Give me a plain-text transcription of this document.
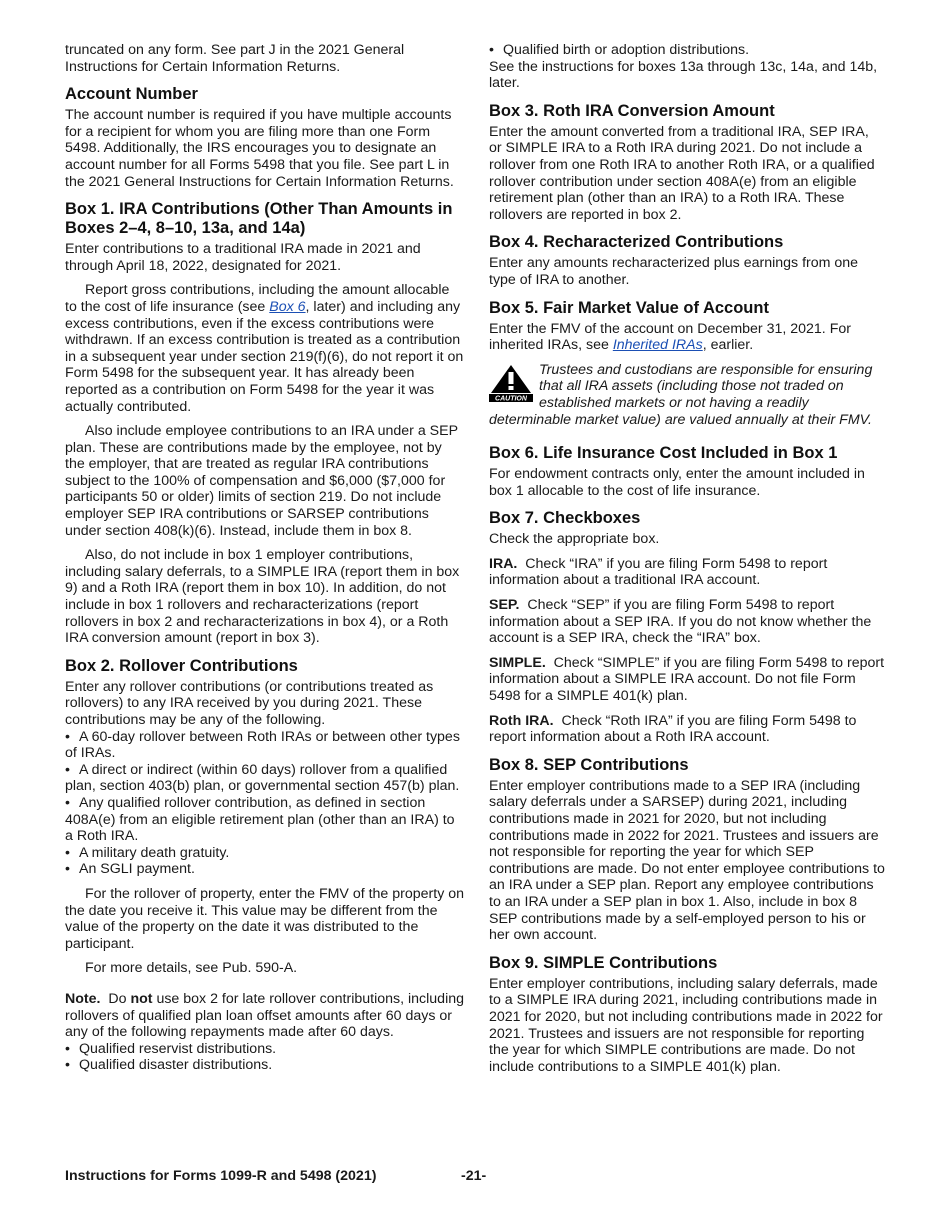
truncated on any form. See part J in the 2021 General Instructions for Certain Information Returns.

Account Number

The account number is required if you have multiple accounts for a recipient for whom you are filing more than one Form 5498. Additionally, the IRS encourages you to designate an account number for all Forms 5498 that you file. See part L in the 2021 General Instructions for Certain Information Returns.

Box 1. IRA Contributions (Other Than Amounts in Boxes 2–4, 8–10, 13a, and 14a)

Enter contributions to a traditional IRA made in 2021 and through April 18, 2022, designated for 2021.

Report gross contributions, including the amount allocable to the cost of life insurance (see Box 6, later) and including any excess contributions, even if the excess contributions were withdrawn. If an excess contribution is treated as a contribution in a subsequent year under section 219(f)(6), do not report it on Form 5498 for the subsequent year. It has already been reported as a contribution on Form 5498 for the year it was actually contributed.

Also include employee contributions to an IRA under a SEP plan. These are contributions made by the employee, not by the employer, that are treated as regular IRA contributions subject to the 100% of compensation and $6,000 ($7,000 for participants 50 or older) limits of section 219. Do not include employer SEP IRA contributions or SARSEP contributions under section 408(k)(6). Instead, include them in box 8.

Also, do not include in box 1 employer contributions, including salary deferrals, to a SIMPLE IRA (report them in box 9) and a Roth IRA (report them in box 10). In addition, do not include in box 1 rollovers and recharacterizations (report rollovers in box 2 and recharacterizations in box 4), or a Roth IRA conversion amount (report in box 3).

Box 2. Rollover Contributions

Enter any rollover contributions (or contributions treated as rollovers) to any IRA received by you during 2021. These contributions may be any of the following.

• A 60-day rollover between Roth IRAs or between other types of IRAs.

• A direct or indirect (within 60 days) rollover from a qualified plan, section 403(b) plan, or governmental section 457(b) plan.

• Any qualified rollover contribution, as defined in section 408A(e) from an eligible retirement plan (other than an IRA) to a Roth IRA.

• A military death gratuity.

• An SGLI payment.

For the rollover of property, enter the FMV of the property on the date you receive it. This value may be different from the value of the property on the date it was distributed to the participant.

For more details, see Pub. 590-A.

Note. Do not use box 2 for late rollover contributions, including rollovers of qualified plan loan offset amounts after 60 days or any of the following repayments made after 60 days.

• Qualified reservist distributions.

• Qualified disaster distributions.

• Qualified birth or adoption distributions.

See the instructions for boxes 13a through 13c, 14a, and 14b, later.

Box 3. Roth IRA Conversion Amount

Enter the amount converted from a traditional IRA, SEP IRA, or SIMPLE IRA to a Roth IRA during 2021. Do not include a rollover from one Roth IRA to another Roth IRA, or a qualified rollover contribution under section 408A(e) from an eligible retirement plan (other than an IRA) to a Roth IRA. These rollovers are reported in box 2.

Box 4. Recharacterized Contributions

Enter any amounts recharacterized plus earnings from one type of IRA to another.

Box 5. Fair Market Value of Account

Enter the FMV of the account on December 31, 2021. For inherited IRAs, see Inherited IRAs, earlier.

CAUTION
Trustees and custodians are responsible for ensuring that all IRA assets (including those not traded on established markets or not having a readily determinable market value) are valued annually at their FMV.
Box 6. Life Insurance Cost Included in Box 1

For endowment contracts only, enter the amount included in box 1 allocable to the cost of life insurance.

Box 7. Checkboxes

Check the appropriate box.

IRA. Check “IRA” if you are filing Form 5498 to report information about a traditional IRA account.

SEP. Check “SEP” if you are filing Form 5498 to report information about a SEP IRA. If you do not know whether the account is a SEP IRA, check the “IRA” box.

SIMPLE. Check “SIMPLE” if you are filing Form 5498 to report information about a SIMPLE IRA account. Do not file Form 5498 for a SIMPLE 401(k) plan.

Roth IRA. Check “Roth IRA” if you are filing Form 5498 to report information about a Roth IRA account.

Box 8. SEP Contributions

Enter employer contributions made to a SEP IRA (including salary deferrals under a SARSEP) during 2021, including contributions made in 2021 for 2020, but not including contributions made in 2022 for 2021. Trustees and issuers are not responsible for reporting the year for which SEP contributions are made. Do not enter employee contributions to an IRA under a SEP plan. Report any employee contributions to an IRA under a SEP plan in box 1. Also, include in box 8 SEP contributions made by a self-employed person to his or her own account.

Box 9. SIMPLE Contributions

Enter employer contributions, including salary deferrals, made to a SIMPLE IRA during 2021, including contributions made in 2021 for 2020, but not including contributions made in 2022 for 2021. Trustees and issuers are not responsible for reporting the year for which SIMPLE contributions are made. Do not include contributions to a SIMPLE 401(k) plan.

Instructions for Forms 1099-R and 5498 (2021)	-21-
